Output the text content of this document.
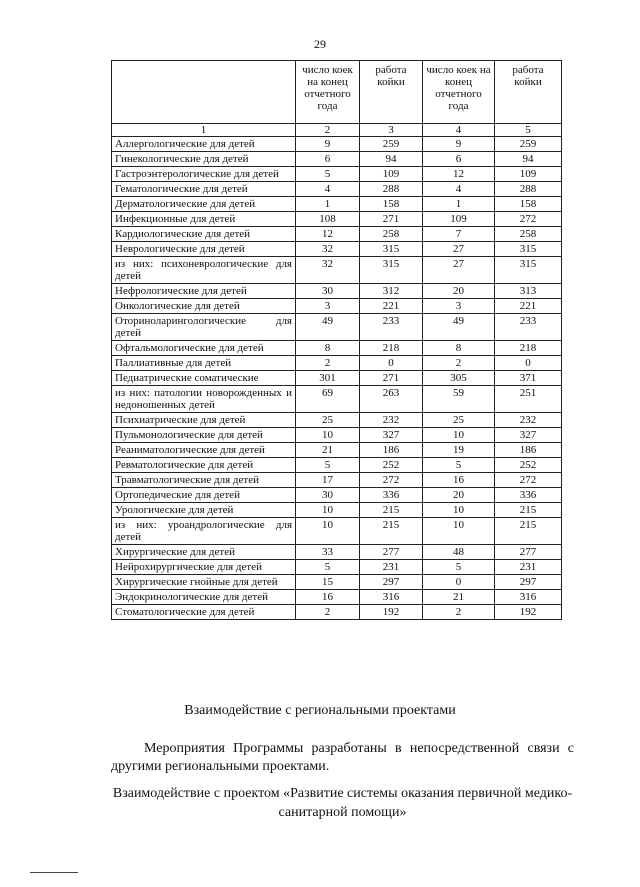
29
	число коек на конец отчетного года	работа койки	число коек на конец отчетного года	работа койки
1	2	3	4	5
Аллергологические для детей	9	259	9	259
Гинекологические для детей	6	94	6	94
Гастроэнтерологические для детей	5	109	12	109
Гематологические для детей	4	288	4	288
Дерматологические для детей	1	158	1	158
Инфекционные для детей	108	271	109	272
Кардиологические для детей	12	258	7	258
Неврологические для детей	32	315	27	315
из них: психоневрологические для детей	32	315	27	315
Нефрологические для детей	30	312	20	313
Онкологические для детей	3	221	3	221
Оториноларингологические для детей	49	233	49	233
Офтальмологические для детей	8	218	8	218
Паллиативные для детей	2	0	2	0
Педиатрические соматические	301	271	305	371
из них: патологии новорожденных и недоношенных детей	69	263	59	251
Психиатрические для детей	25	232	25	232
Пульмонологические для детей	10	327	10	327
Реаниматологические для детей	21	186	19	186
Ревматологические для детей	5	252	5	252
Травматологические для детей	17	272	16	272
Ортопедические для детей	30	336	20	336
Урологические для детей	10	215	10	215
из них: уроандрологические для детей	10	215	10	215
Хирургические для детей	33	277	48	277
Нейрохирургические для детей	5	231	5	231
Хирургические гнойные для детей	15	297	0	297
Эндокринологические для детей	16	316	21	316
Стоматологические для детей	2	192	2	192
Взаимодействие с региональными проектами
Мероприятия Программы разработаны в непосредственной связи с другими региональными проектами.
Взаимодействие с проектом «Развитие системы оказания первичной медико-санитарной помощи»
